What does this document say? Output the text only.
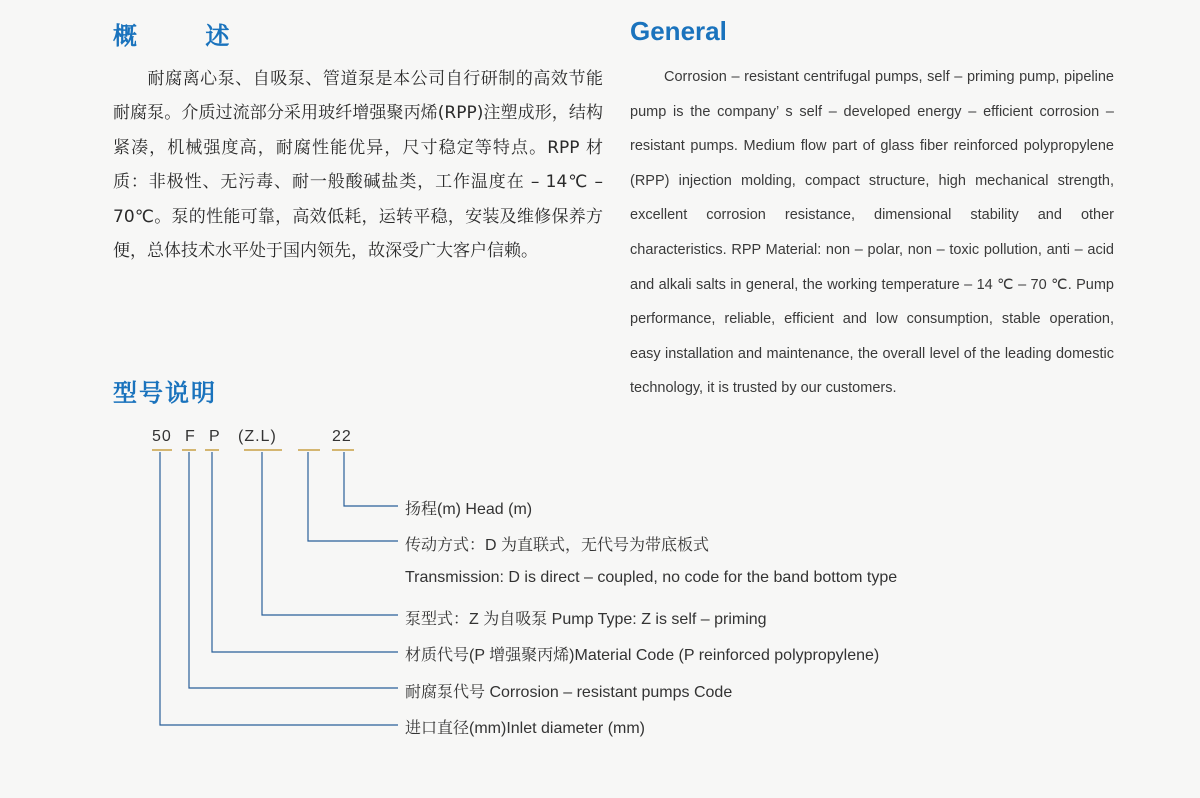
概 述	General

耐腐离心泵、自吸泵、管道泵是本公司自行研制的高效节能耐腐泵。介质过流部分采用玻纤增强聚丙烯(RPP)注塑成形，结构紧凑，机械强度高，耐腐性能优异，尺寸稳定等特点。RPP 材质：非极性、无污毒、耐一般酸碱盐类，工作温度在 – 14℃ – 70℃。泵的性能可靠，高效低耗，运转平稳，安装及维修保养方便，总体技术水平处于国内领先，故深受广大客户信赖。

Corrosion – resistant centrifugal pumps, self – priming pump, pipeline pump is the company’ s self – developed energy – efficient corrosion – resistant pumps. Medium flow part of glass fiber reinforced polypropylene (RPP) injection molding, compact structure, high mechanical strength, excellent corrosion resistance, dimensional stability and other characteristics. RPP Material: non – polar, non – toxic pollution, anti – acid and alkali salts in general, the working temperature – 14 ℃ – 70 ℃. Pump performance, reliable, efficient and low consumption, stable operation, easy installation and maintenance, the overall level of the leading domestic technology, it is trusted by our customers.

型号说明
50 F P (Z.L)	22

扬程(m) Head (m)

传动方式：D 为直联式，无代号为带底板式

Transmission: D is direct – coupled, no code for the band bottom type

泵型式：Z 为自吸泵 Pump Type: Z is self – priming

材质代号(P 增强聚丙烯)Material Code (P reinforced polypropylene)

耐腐泵代号 Corrosion – resistant pumps Code

进口直径(mm)Inlet diameter (mm)
